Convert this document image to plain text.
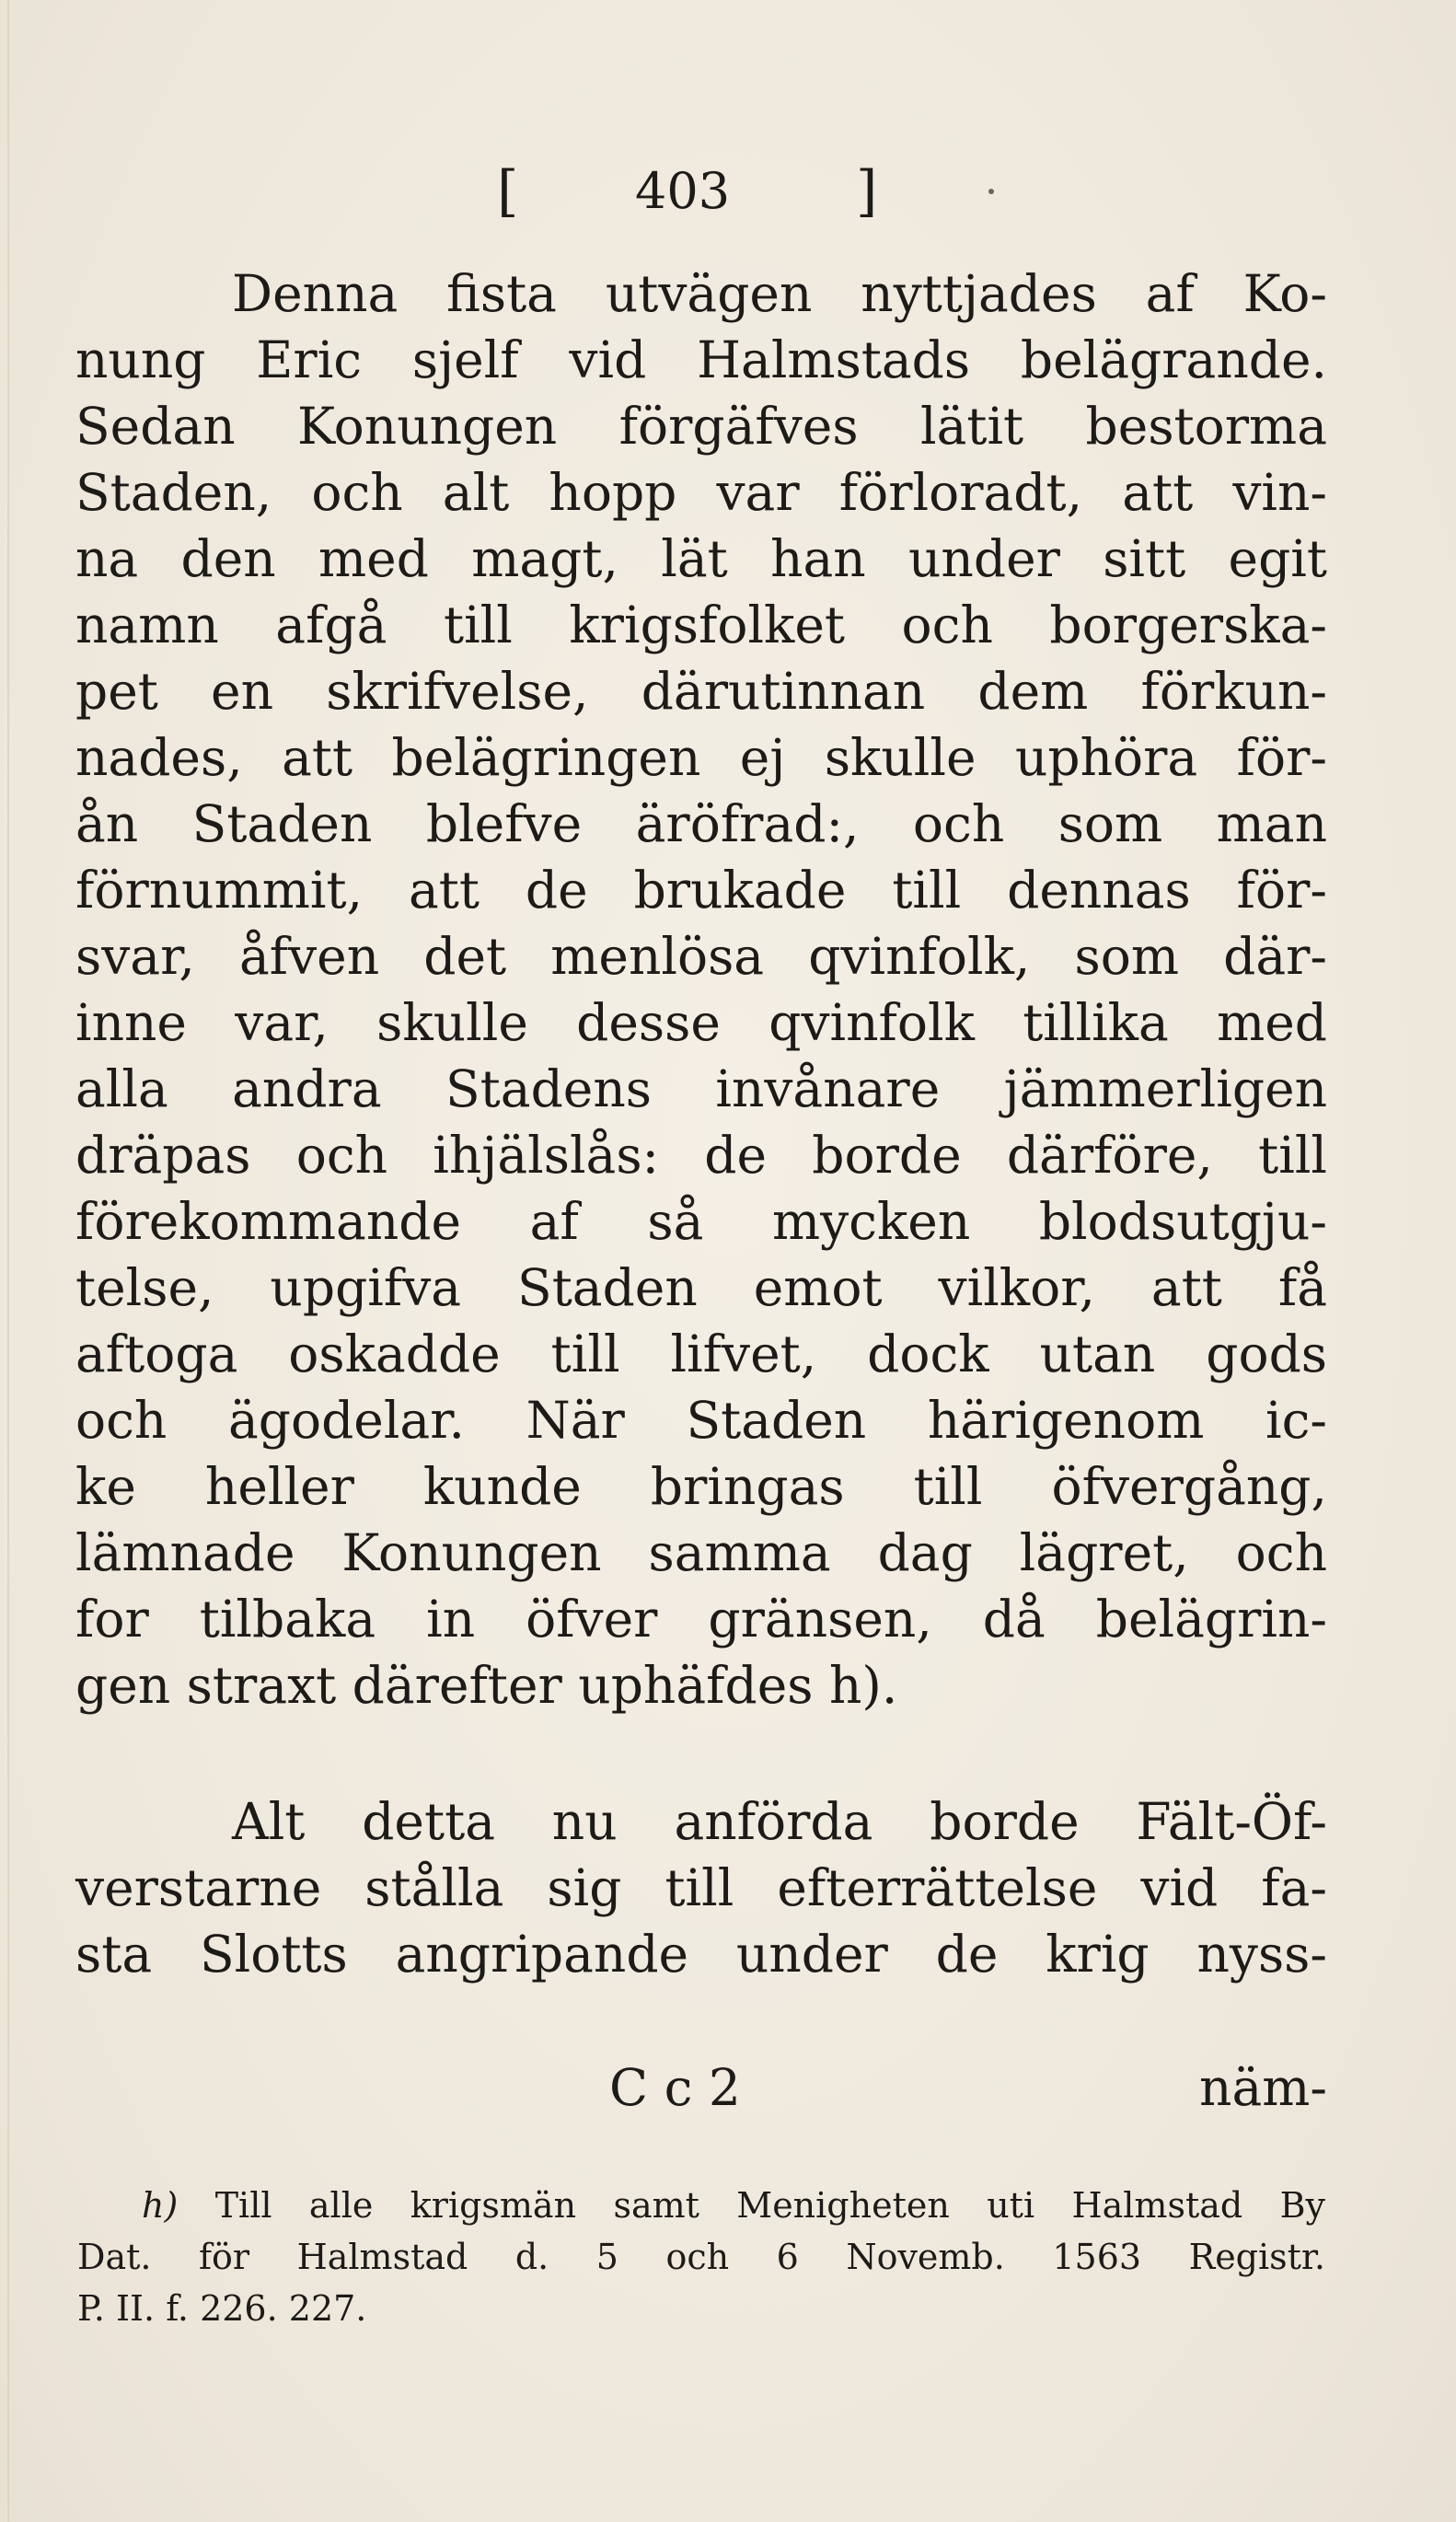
[ 403 ]
Denna fista utvägen nyttjades af Ko-
nung Eric sjelf vid Halmstads belägrande.
Sedan Konungen förgäfves lätit bestorma
Staden, och alt hopp var förloradt, att vin-
na den med magt, lät han under sitt egit
namn afgå till krigsfolket och borgerska-
pet en skrifvelse, därutinnan dem förkun-
nades, att belägringen ej skulle uphöra för-
ån Staden blefve äröfrad:, och som man
förnummit, att de brukade till dennas för-
svar, åfven det menlösa qvinfolk, som där-
inne var, skulle desse qvinfolk tillika med
alla andra Stadens invånare jämmerligen
dräpas och ihjälslås: de borde därföre, till
förekommande af så mycken blodsutgju-
telse, upgifva Staden emot vilkor, att få
aftoga oskadde till lifvet, dock utan gods
och ägodelar. När Staden härigenom ic-
ke heller kunde bringas till öfvergång,
lämnade Konungen samma dag lägret, och
for tilbaka in öfver gränsen, då belägrin-
gen straxt därefter uphäfdes h).
Alt detta nu anförda borde Fält-Öf-
verstarne stålla sig till efterrättelse vid fa-
sta Slotts angripande under de krig nyss-
C c 2	näm-
h) Till alle krigsmän samt Menigheten uti Halmstad By
Dat. för Halmstad d. 5 och 6 Novemb. 1563 Registr.
P. II. f. 226. 227.
